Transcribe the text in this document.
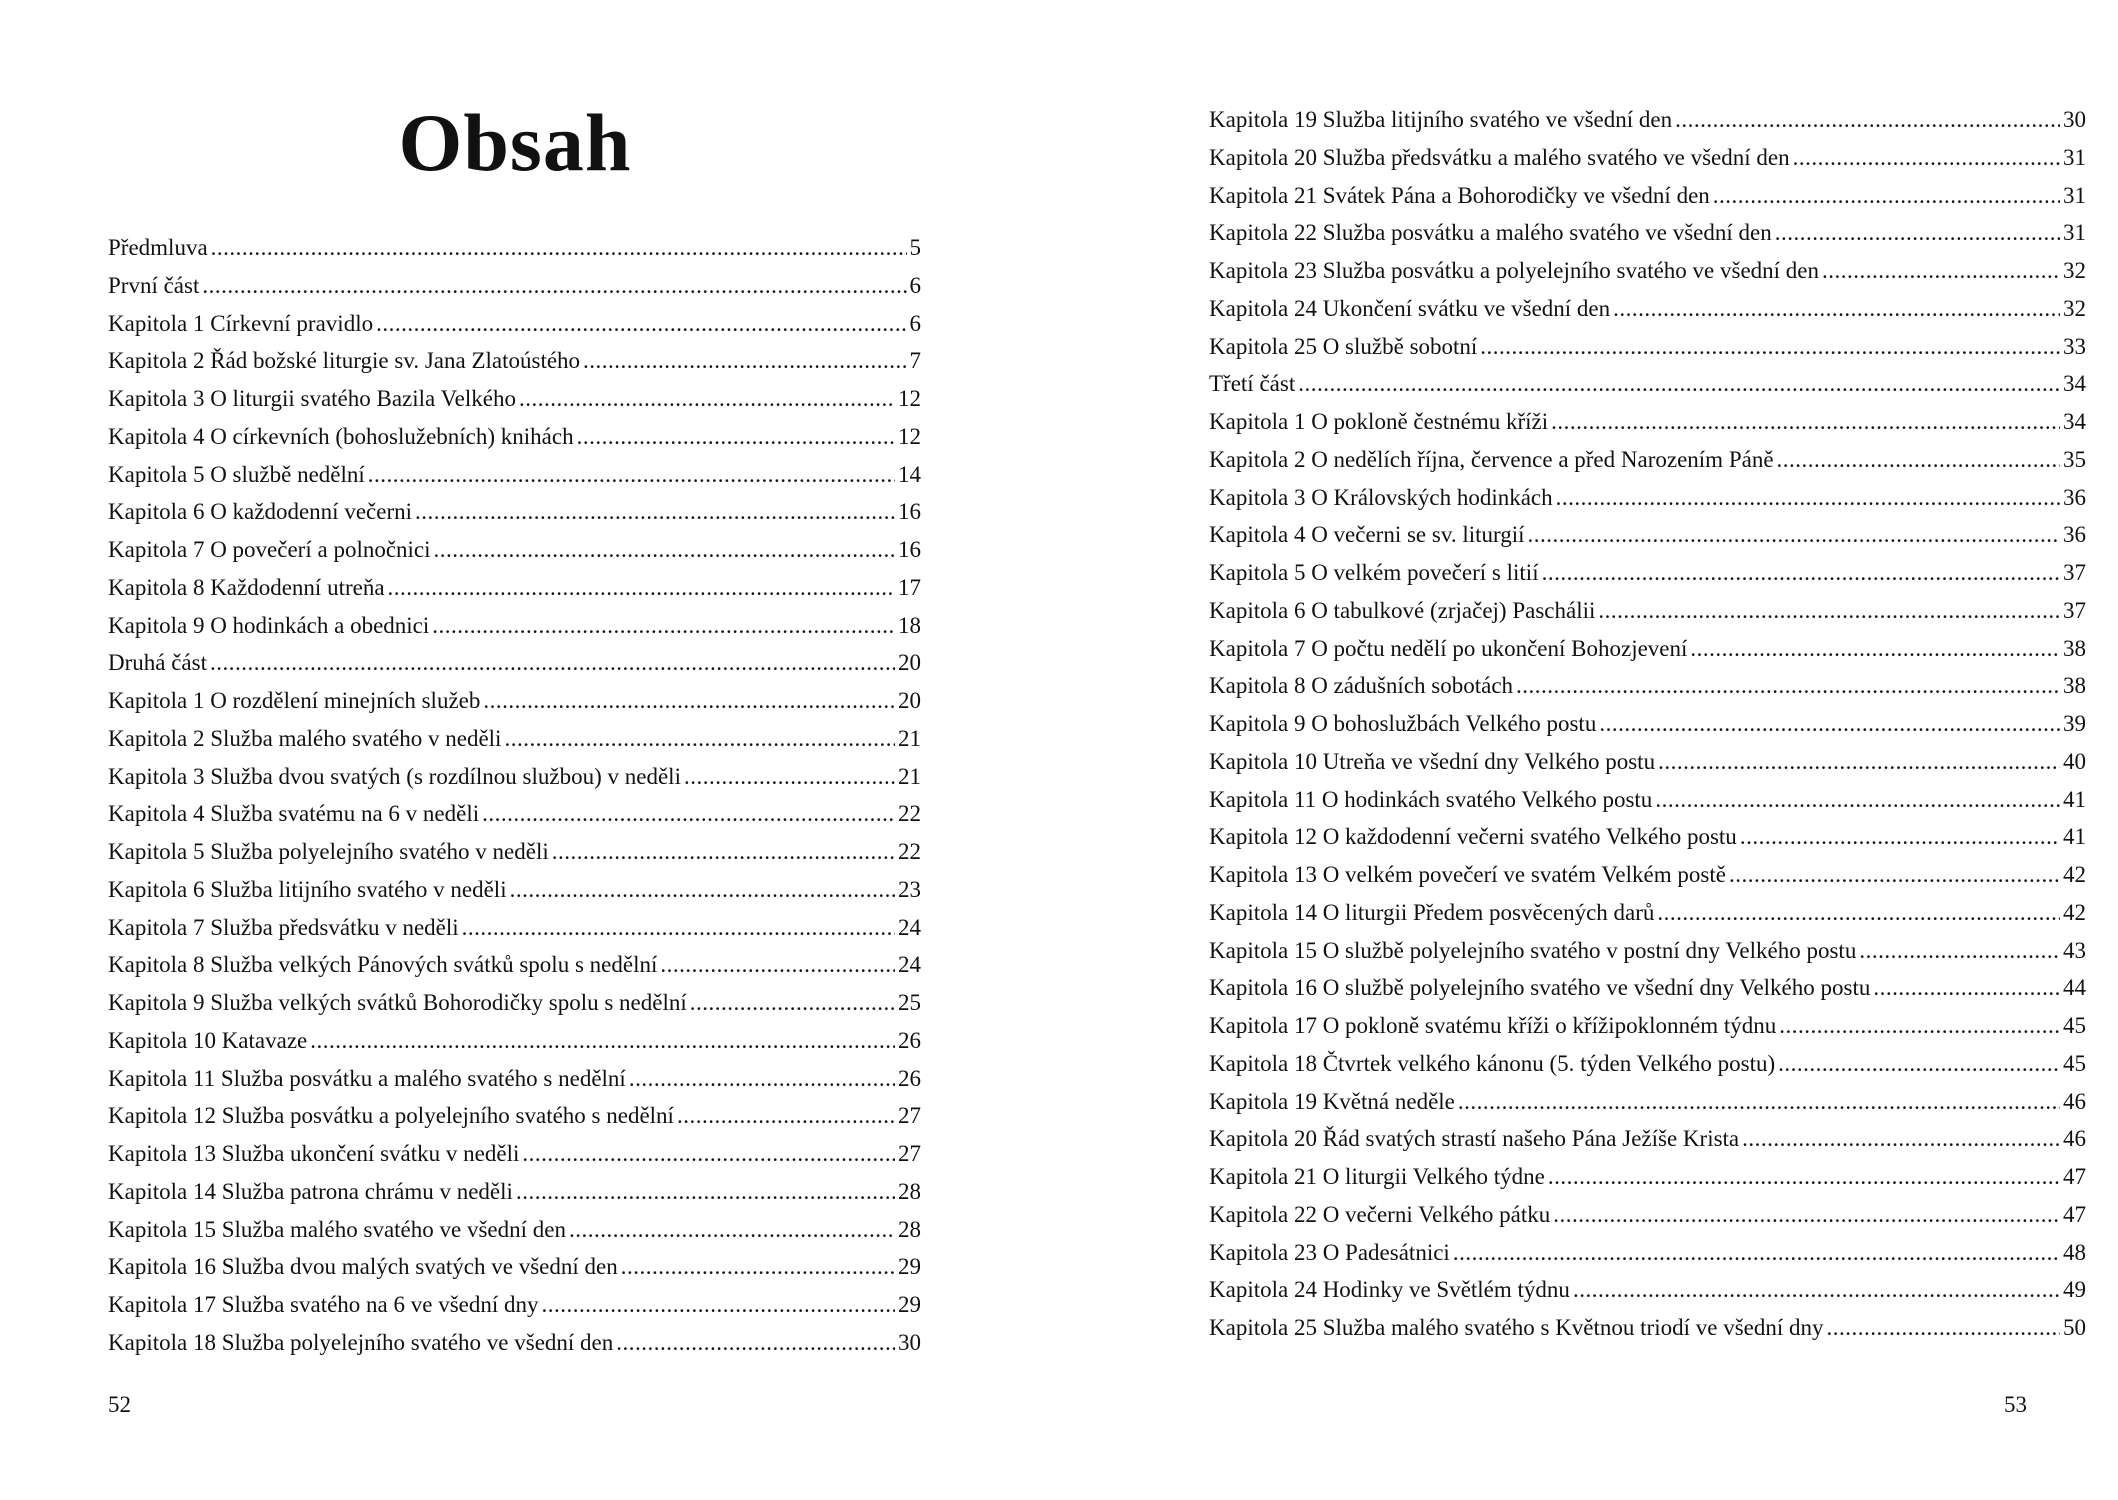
Obsah
Předmluva .....	5
První část .....	6
Kapitola 1 Církevní pravidlo .....	6
Kapitola 2 Řád božské liturgie sv. Jana Zlatoústého .....	7
Kapitola 3 O liturgii svatého Bazila Velkého .....	12
Kapitola 4 O církevních (bohoslužebních) knihách .....	12
Kapitola 5 O službě nedělní .....	14
Kapitola 6 O každodenní večerni .....	16
Kapitola 7 O povečerí a polnočnici .....	16
Kapitola 8 Každodenní utreňa .....	17
Kapitola 9 O hodinkách a obednici .....	18
Druhá část .....	20
Kapitola 1 O rozdělení minejních služeb .....	20
Kapitola 2 Služba malého svatého v neděli .....	21
Kapitola 3 Služba dvou svatých (s rozdílnou službou) v neděli .....	21
Kapitola 4 Služba svatému na 6 v neděli .....	22
Kapitola 5 Služba polyelejního svatého v neděli .....	22
Kapitola 6 Služba litijního svatého v neděli .....	23
Kapitola 7 Služba předsvátku v neděli .....	24
Kapitola 8 Služba velkých Pánových svátků spolu s nedělní .....	24
Kapitola 9 Služba velkých svátků Bohorodičky spolu s nedělní .....	25
Kapitola 10 Katavaze .....	26
Kapitola 11 Služba posvátku a malého svatého s nedělní .....	26
Kapitola 12 Služba posvátku a polyelejního svatého s nedělní .....	27
Kapitola 13 Služba ukončení svátku v neděli .....	27
Kapitola 14 Služba patrona chrámu v neděli .....	28
Kapitola 15 Služba malého svatého ve všední den .....	28
Kapitola 16 Služba dvou malých svatých ve všední den .....	29
Kapitola 17 Služba svatého na 6 ve všední dny .....	29
Kapitola 18 Služba polyelejního svatého ve všední den .....	30
52
Kapitola 19 Služba litijního svatého ve všední den .....	30
Kapitola 20 Služba předsvátku a malého svatého ve všední den .....	31
Kapitola 21 Svátek Pána a Bohorodičky ve všední den .....	31
Kapitola 22 Služba posvátku a malého svatého ve všední den .....	31
Kapitola 23 Služba posvátku a polyelejního svatého ve všední den .....	32
Kapitola 24 Ukončení svátku ve všední den .....	32
Kapitola 25 O službě sobotní .....	33
Třetí část .....	34
Kapitola 1 O pokloně čestnému kříži .....	34
Kapitola 2 O nedělích října, července a před Narozením Páně .....	35
Kapitola 3 O Královských hodinkách .....	36
Kapitola 4 O večerni se sv. liturgií .....	36
Kapitola 5 O velkém povečerí s litií .....	37
Kapitola 6 O tabulkové (zrjačej) Paschálii .....	37
Kapitola 7 O počtu nedělí po ukončení Bohozjevení .....	38
Kapitola 8 O zádušních sobotách .....	38
Kapitola 9 O bohoslužbách Velkého postu .....	39
Kapitola 10 Utreňa ve všední dny Velkého postu .....	40
Kapitola 11 O hodinkách svatého Velkého postu .....	41
Kapitola 12 O každodenní večerni svatého Velkého postu .....	41
Kapitola 13 O velkém povečerí ve svatém Velkém postě .....	42
Kapitola 14 O liturgii Předem posvěcených darů .....	42
Kapitola 15 O službě polyelejního svatého v postní dny Velkého postu .....	43
Kapitola 16 O službě polyelejního svatého ve všední dny Velkého postu .....	44
Kapitola 17 O pokloně svatému kříži o křížipoklonném týdnu .....	45
Kapitola 18 Čtvrtek velkého kánonu (5. týden Velkého postu) .....	45
Kapitola 19 Květná neděle .....	46
Kapitola 20 Řád svatých strastí našeho Pána Ježíše Krista .....	46
Kapitola 21 O liturgii Velkého týdne .....	47
Kapitola 22 O večerni Velkého pátku .....	47
Kapitola 23 O Padesátnici .....	48
Kapitola 24 Hodinky ve Světlém týdnu .....	49
Kapitola 25 Služba malého svatého s Květnou triodí ve všední dny .....	50
53
